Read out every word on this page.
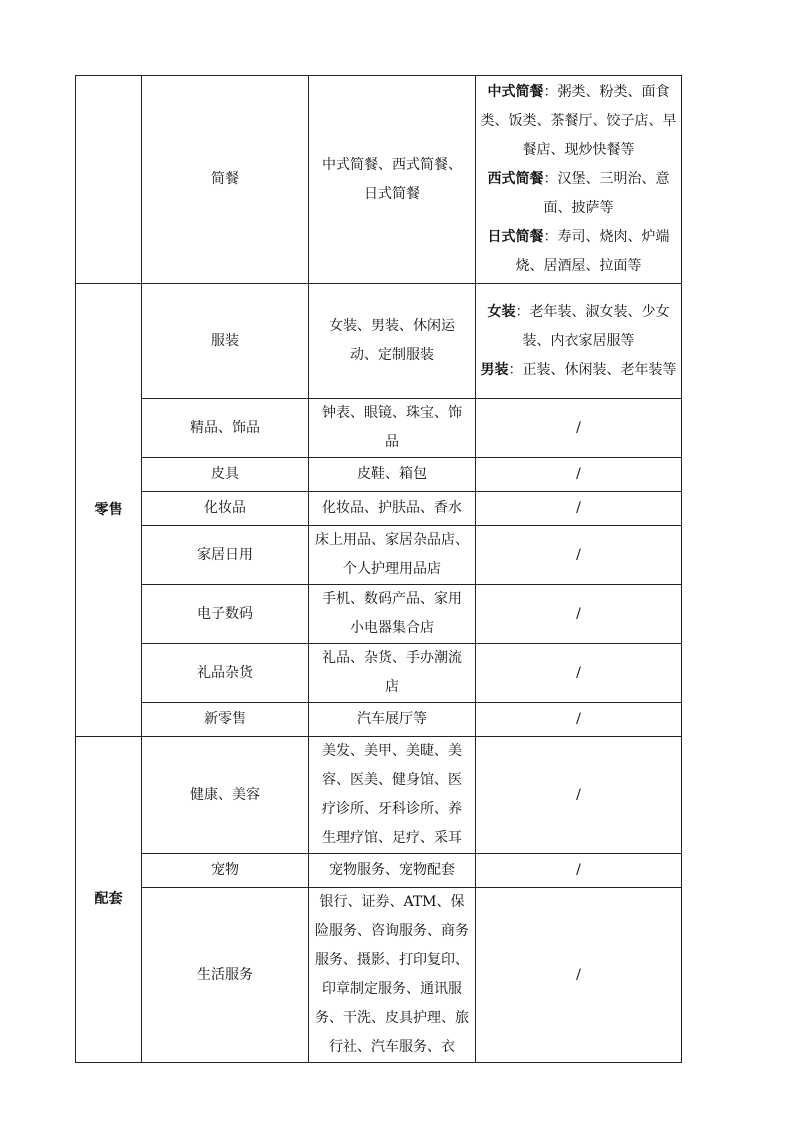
	简餐	中式简餐、西式简餐、日式简餐	中式简餐：粥类、粉类、面食类、饭类、茶餐厅、饺子店、早餐店、现炒快餐等
西式简餐：汉堡、三明治、意面、披萨等
日式简餐：寿司、烧肉、炉端烧、居酒屋、拉面等

零售	服装	女装、男装、休闲运动、定制服装	女装：老年装、淑女装、少女装、内衣家居服等
男装：正装、休闲装、老年装等

	精品、饰品	钟表、眼镜、珠宝、饰品	/
	皮具	皮鞋、箱包	/
	化妆品	化妆品、护肤品、香水	/
	家居日用	床上用品、家居杂品店、个人护理用品店	/
	电子数码	手机、数码产品、家用小电器集合店	/
	礼品杂货	礼品、杂货、手办潮流店	/
	新零售	汽车展厅等	/
配套	健康、美容	美发、美甲、美睫、美容、医美、健身馆、医疗诊所、牙科诊所、养生理疗馆、足疗、采耳	/
	宠物	宠物服务、宠物配套	/
	生活服务	银行、证券、ATM、保险服务、咨询服务、商务服务、摄影、打印复印、印章制定服务、通讯服务、干洗、皮具护理、旅行社、汽车服务、衣	/
